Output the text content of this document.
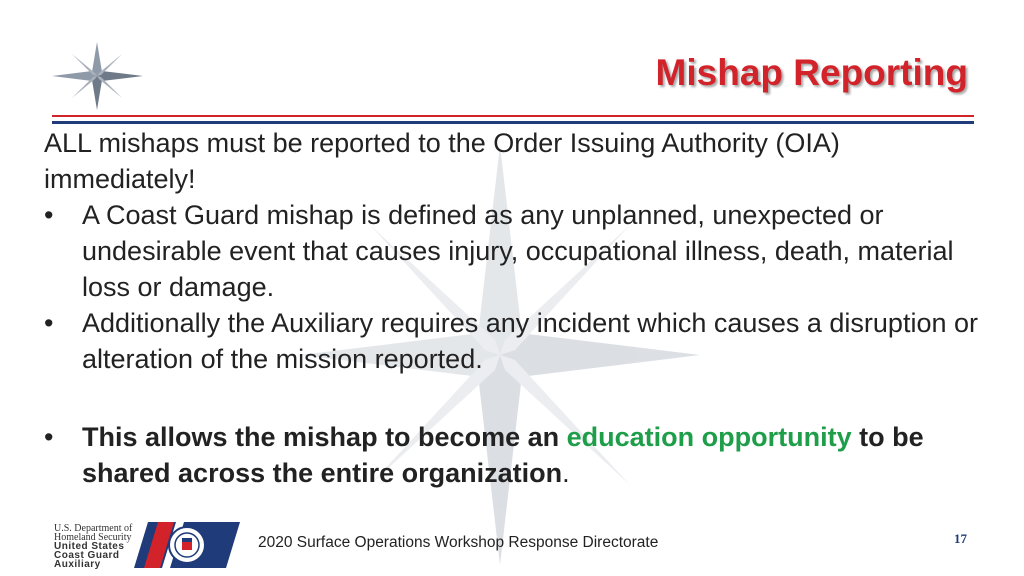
Mishap Reporting

ALL mishaps must be reported to the Order Issuing Authority (OIA) immediately!

•	A Coast Guard mishap is defined as any unplanned, unexpected or undesirable event that causes injury, occupational illness, death, material loss or damage.
•	Additionally the Auxiliary requires any incident which causes a disruption or alteration of the mission reported.
•	This allows the mishap to become an education opportunity to be shared across the entire organization.
U.S. Department of
Homeland Security
United States
Coast Guard
Auxiliary
2020 Surface Operations Workshop Response Directorate	17
